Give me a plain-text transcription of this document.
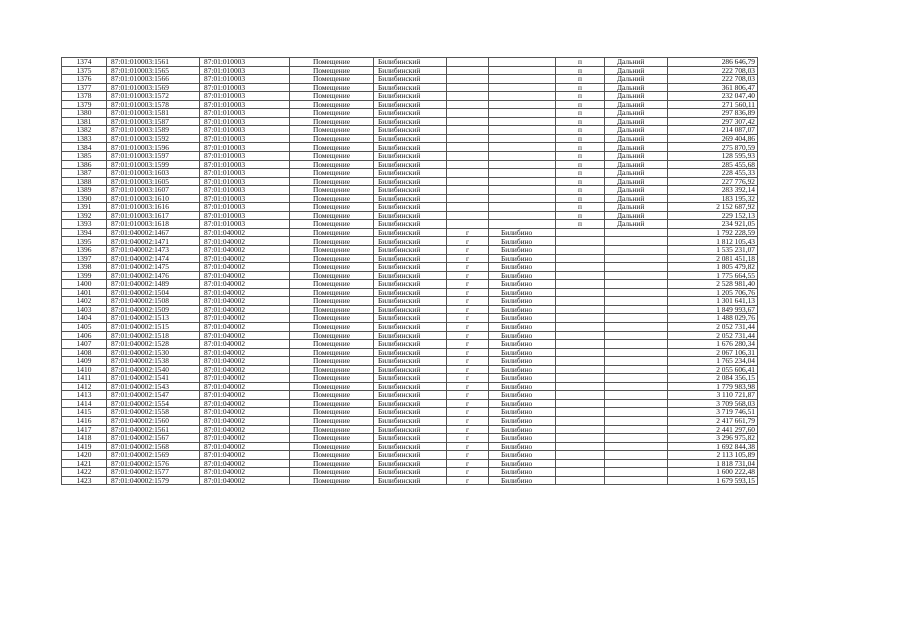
1374	87:01:010003:1561	87:01:010003	Помещение	Билибинский			п	Дальний	286 646,79
1375	87:01:010003:1565	87:01:010003	Помещение	Билибинский			п	Дальний	222 708,03
1376	87:01:010003:1566	87:01:010003	Помещение	Билибинский			п	Дальний	222 708,03
1377	87:01:010003:1569	87:01:010003	Помещение	Билибинский			п	Дальний	361 806,47
1378	87:01:010003:1572	87:01:010003	Помещение	Билибинский			п	Дальний	232 047,40
1379	87:01:010003:1578	87:01:010003	Помещение	Билибинский			п	Дальний	271 560,11
1380	87:01:010003:1581	87:01:010003	Помещение	Билибинский			п	Дальний	297 836,89
1381	87:01:010003:1587	87:01:010003	Помещение	Билибинский			п	Дальний	297 307,42
1382	87:01:010003:1589	87:01:010003	Помещение	Билибинский			п	Дальний	214 087,07
1383	87:01:010003:1592	87:01:010003	Помещение	Билибинский			п	Дальний	269 404,86
1384	87:01:010003:1596	87:01:010003	Помещение	Билибинский			п	Дальний	275 870,59
1385	87:01:010003:1597	87:01:010003	Помещение	Билибинский			п	Дальний	128 595,93
1386	87:01:010003:1599	87:01:010003	Помещение	Билибинский			п	Дальний	285 455,68
1387	87:01:010003:1603	87:01:010003	Помещение	Билибинский			п	Дальний	228 455,33
1388	87:01:010003:1605	87:01:010003	Помещение	Билибинский			п	Дальний	227 776,92
1389	87:01:010003:1607	87:01:010003	Помещение	Билибинский			п	Дальний	283 392,14
1390	87:01:010003:1610	87:01:010003	Помещение	Билибинский			п	Дальний	183 195,32
1391	87:01:010003:1616	87:01:010003	Помещение	Билибинский			п	Дальний	2 152 687,92
1392	87:01:010003:1617	87:01:010003	Помещение	Билибинский			п	Дальний	229 152,13
1393	87:01:010003:1618	87:01:010003	Помещение	Билибинский			п	Дальний	234 921,05
1394	87:01:040002:1467	87:01:040002	Помещение	Билибинский	г	Билибино			1 792 228,59
1395	87:01:040002:1471	87:01:040002	Помещение	Билибинский	г	Билибино			1 812 105,43
1396	87:01:040002:1473	87:01:040002	Помещение	Билибинский	г	Билибино			1 535 231,07
1397	87:01:040002:1474	87:01:040002	Помещение	Билибинский	г	Билибино			2 081 451,18
1398	87:01:040002:1475	87:01:040002	Помещение	Билибинский	г	Билибино			1 805 479,82
1399	87:01:040002:1476	87:01:040002	Помещение	Билибинский	г	Билибино			1 775 664,55
1400	87:01:040002:1489	87:01:040002	Помещение	Билибинский	г	Билибино			2 528 981,40
1401	87:01:040002:1504	87:01:040002	Помещение	Билибинский	г	Билибино			1 205 706,76
1402	87:01:040002:1508	87:01:040002	Помещение	Билибинский	г	Билибино			1 301 641,13
1403	87:01:040002:1509	87:01:040002	Помещение	Билибинский	г	Билибино			1 849 993,67
1404	87:01:040002:1513	87:01:040002	Помещение	Билибинский	г	Билибино			1 488 029,76
1405	87:01:040002:1515	87:01:040002	Помещение	Билибинский	г	Билибино			2 052 731,44
1406	87:01:040002:1518	87:01:040002	Помещение	Билибинский	г	Билибино			2 052 731,44
1407	87:01:040002:1528	87:01:040002	Помещение	Билибинский	г	Билибино			1 676 280,34
1408	87:01:040002:1530	87:01:040002	Помещение	Билибинский	г	Билибино			2 067 106,31
1409	87:01:040002:1538	87:01:040002	Помещение	Билибинский	г	Билибино			1 765 234,04
1410	87:01:040002:1540	87:01:040002	Помещение	Билибинский	г	Билибино			2 055 606,41
1411	87:01:040002:1541	87:01:040002	Помещение	Билибинский	г	Билибино			2 084 356,15
1412	87:01:040002:1543	87:01:040002	Помещение	Билибинский	г	Билибино			1 779 983,98
1413	87:01:040002:1547	87:01:040002	Помещение	Билибинский	г	Билибино			3 110 721,87
1414	87:01:040002:1554	87:01:040002	Помещение	Билибинский	г	Билибино			3 709 568,03
1415	87:01:040002:1558	87:01:040002	Помещение	Билибинский	г	Билибино			3 719 746,51
1416	87:01:040002:1560	87:01:040002	Помещение	Билибинский	г	Билибино			2 417 661,79
1417	87:01:040002:1561	87:01:040002	Помещение	Билибинский	г	Билибино			2 441 297,60
1418	87:01:040002:1567	87:01:040002	Помещение	Билибинский	г	Билибино			3 296 975,82
1419	87:01:040002:1568	87:01:040002	Помещение	Билибинский	г	Билибино			1 692 844,38
1420	87:01:040002:1569	87:01:040002	Помещение	Билибинский	г	Билибино			2 113 105,89
1421	87:01:040002:1576	87:01:040002	Помещение	Билибинский	г	Билибино			1 818 731,04
1422	87:01:040002:1577	87:01:040002	Помещение	Билибинский	г	Билибино			1 600 222,48
1423	87:01:040002:1579	87:01:040002	Помещение	Билибинский	г	Билибино			1 679 593,15
